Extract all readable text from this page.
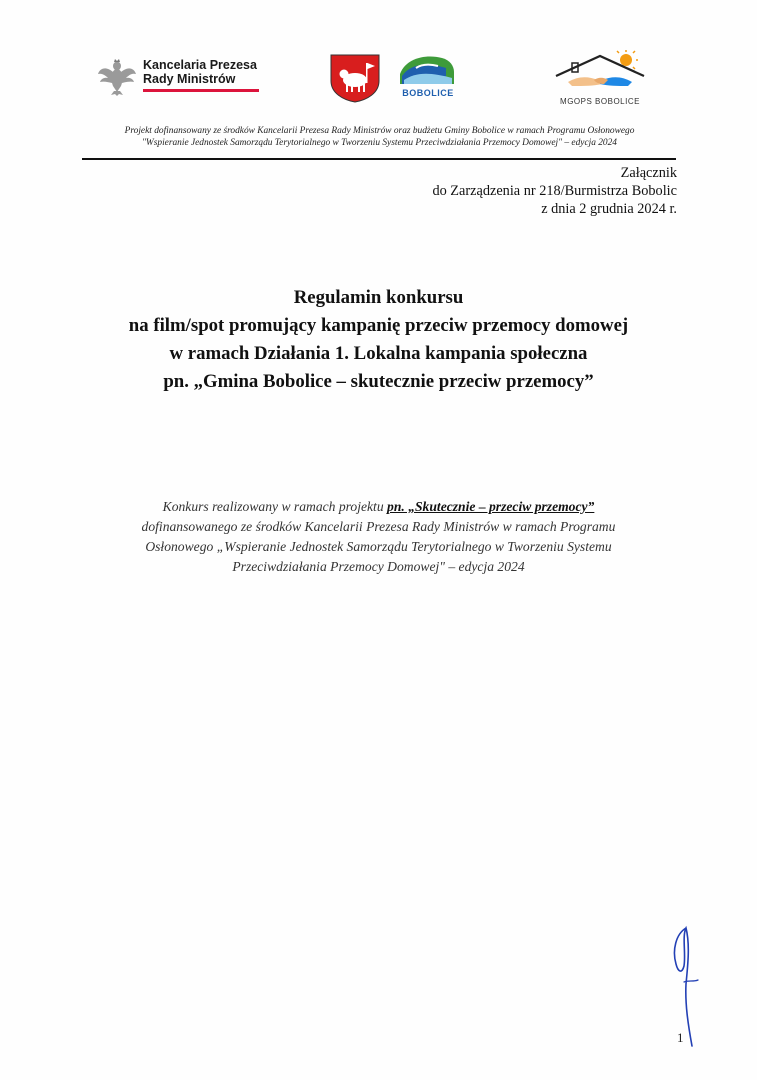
Kancelaria Prezesa
Rady Ministrów
BOBOLICE
MGOPS BOBOLICE
Projekt dofinansowany ze środków Kancelarii Prezesa Rady Ministrów oraz budżetu Gminy Bobolice w ramach Programu Osłonowego
"Wspieranie Jednostek Samorządu Terytorialnego w Tworzeniu Systemu Przeciwdziałania Przemocy Domowej" – edycja 2024
Załącznik
do Zarządzenia nr 218/Burmistrza Bobolic
z dnia 2 grudnia 2024 r.
Regulamin konkursu
na film/spot promujący kampanię przeciw przemocy domowej
w ramach Działania 1. Lokalna kampania społeczna
pn. „Gmina Bobolice – skutecznie przeciw przemocy”
Konkurs realizowany w ramach projektu pn. „Skutecznie – przeciw przemocy”
dofinansowanego ze środków Kancelarii Prezesa Rady Ministrów w ramach Programu
Osłonowego „Wspieranie Jednostek Samorządu Terytorialnego w Tworzeniu Systemu
Przeciwdziałania Przemocy Domowej" – edycja 2024
1
